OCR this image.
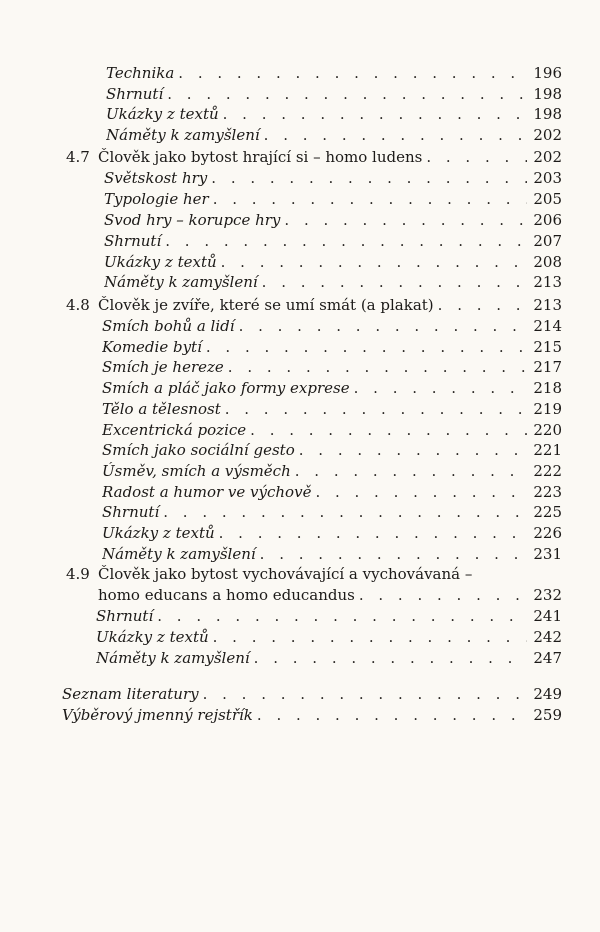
Technika . . .	196
Shrnutí . . .	198
Ukázky z textů . . .	198
Náměty k zamyšlení . . .	202
4.7 Člověk jako bytost hrající si – homo ludens . . .	202
Světskost hry . . .	203
Typologie her . . .	205
Svod hry – korupce hry . . .	206
Shrnutí . . .	207
Ukázky z textů . . .	208
Náměty k zamyšlení . . .	213
4.8 Člověk je zvíře, které se umí smát (a plakat) . . .	213
Smích bohů a lidí . . .	214
Komedie bytí . . .	215
Smích je hereze . . .	217
Smích a pláč jako formy exprese . . .	218
Tělo a tělesnost . . .	219
Excentrická pozice . . .	220
Smích jako sociální gesto . . .	221
Úsměv, smích a výsměch . . .	222
Radost a humor ve výchově . . .	223
Shrnutí . . .	225
Ukázky z textů . . .	226
Náměty k zamyšlení . . .	231
4.9 Člověk jako bytost vychovávající a vychovávaná –
homo educans a homo educandus . . .	232
Shrnutí . . .	241
Ukázky z textů . . .	242
Náměty k zamyšlení . . .	247
Seznam literatury . . .	249
Výběrový jmenný rejstřík . . .	259
